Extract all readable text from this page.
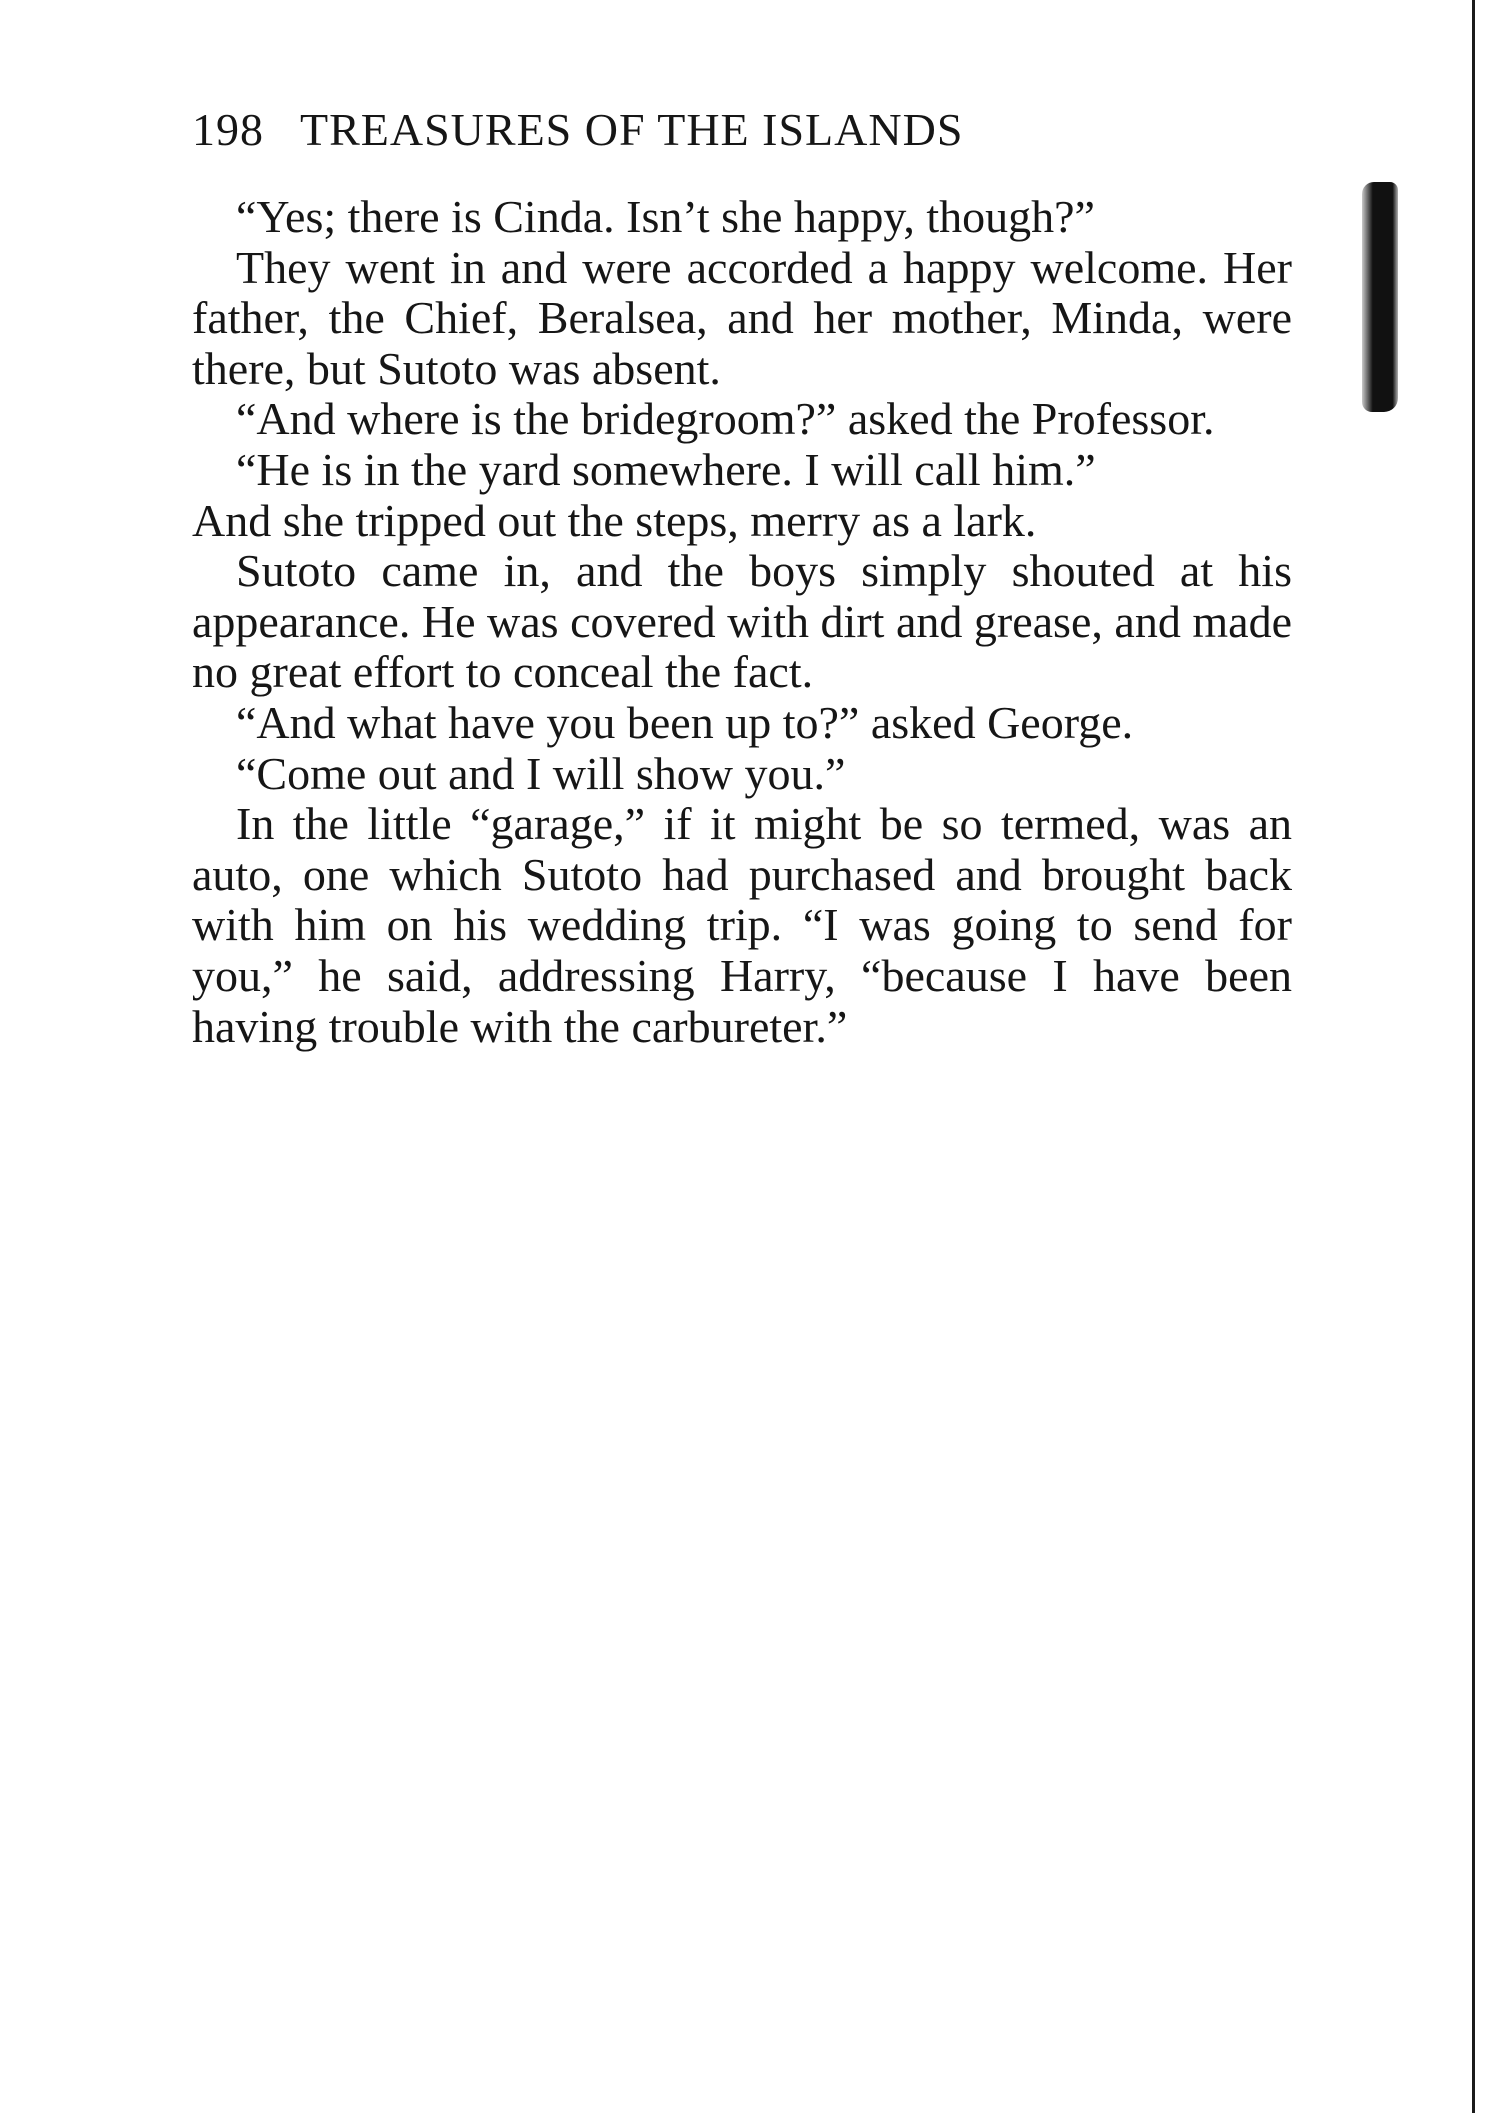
198 TREASURES OF THE ISLANDS

“Yes; there is Cinda. Isn’t she happy, though?”

They went in and were accorded a happy welcome. Her father, the Chief, Beralsea, and her mother, Minda, were there, but Sutoto was absent.

“And where is the bridegroom?” asked the Professor.

“He is in the yard somewhere. I will call him.”

And she tripped out the steps, merry as a lark.

Sutoto came in, and the boys simply shouted at his appearance. He was covered with dirt and grease, and made no great effort to conceal the fact.

“And what have you been up to?” asked George.

“Come out and I will show you.”

In the little “garage,” if it might be so termed, was an auto, one which Sutoto had purchased and brought back with him on his wedding trip. “I was going to send for you,” he said, addressing Harry, “because I have been having trouble with the carbureter.”
